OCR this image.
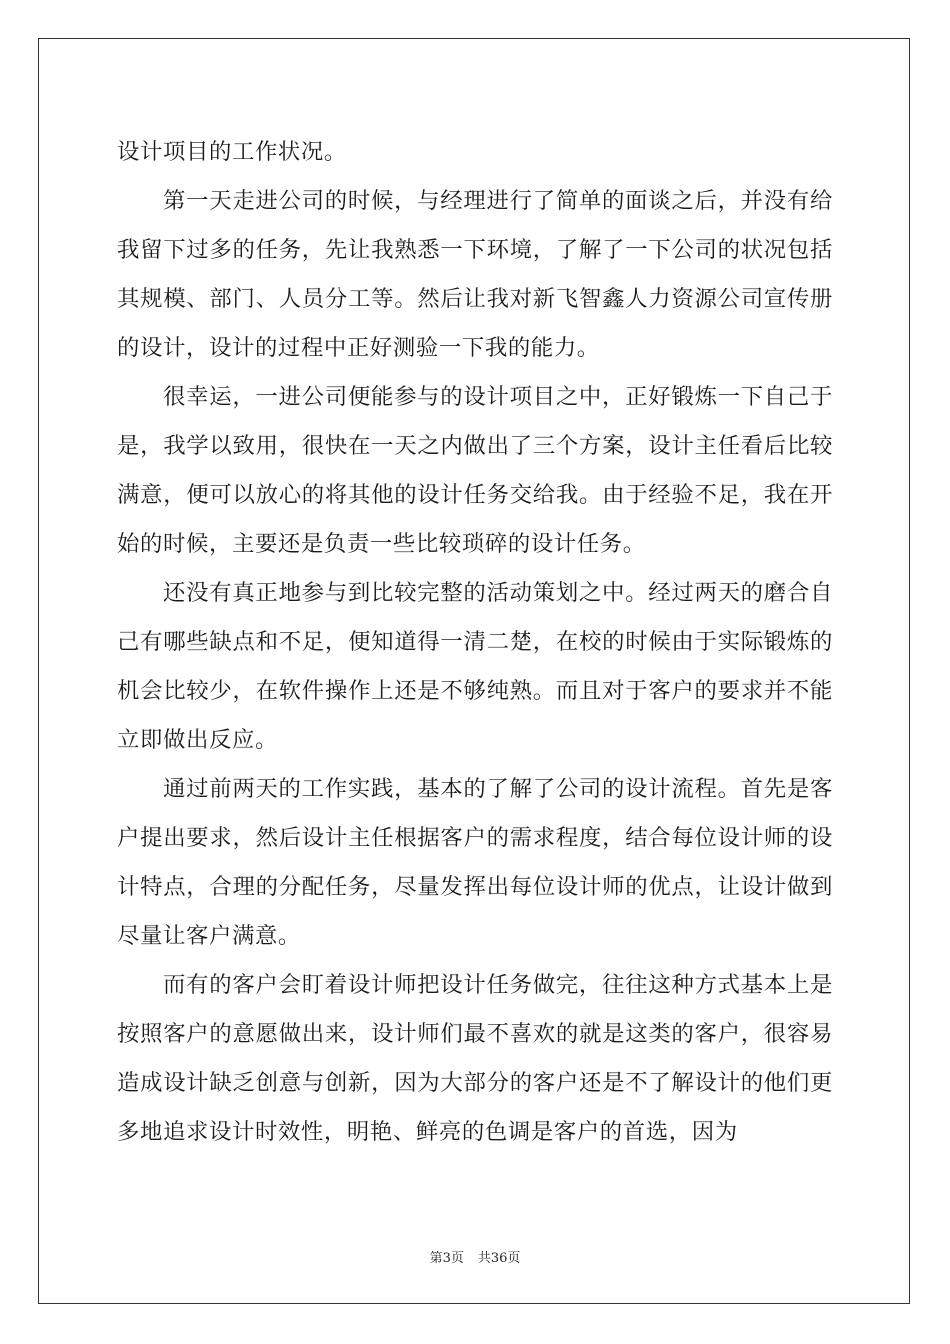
设计项目的工作状况。

第一天走进公司的时候，与经理进行了简单的面谈之后，并没有给我留下过多的任务，先让我熟悉一下环境，了解了一下公司的状况包括其规模、部门、人员分工等。然后让我对新飞智鑫人力资源公司宣传册的设计，设计的过程中正好测验一下我的能力。

很幸运，一进公司便能参与的设计项目之中，正好锻炼一下自己于是，我学以致用，很快在一天之内做出了三个方案，设计主任看后比较满意，便可以放心的将其他的设计任务交给我。由于经验不足，我在开始的时候，主要还是负责一些比较琐碎的设计任务。

还没有真正地参与到比较完整的活动策划之中。经过两天的磨合自己有哪些缺点和不足，便知道得一清二楚，在校的时候由于实际锻炼的机会比较少，在软件操作上还是不够纯熟。而且对于客户的要求并不能立即做出反应。

通过前两天的工作实践，基本的了解了公司的设计流程。首先是客户提出要求，然后设计主任根据客户的需求程度，结合每位设计师的设计特点，合理的分配任务，尽量发挥出每位设计师的优点，让设计做到尽量让客户满意。

而有的客户会盯着设计师把设计任务做完，往往这种方式基本上是按照客户的意愿做出来，设计师们最不喜欢的就是这类的客户，很容易造成设计缺乏创意与创新，因为大部分的客户还是不了解设计的他们更多地追求设计时效性，明艳、鲜亮的色调是客户的首选，因为

第3页 共36页
